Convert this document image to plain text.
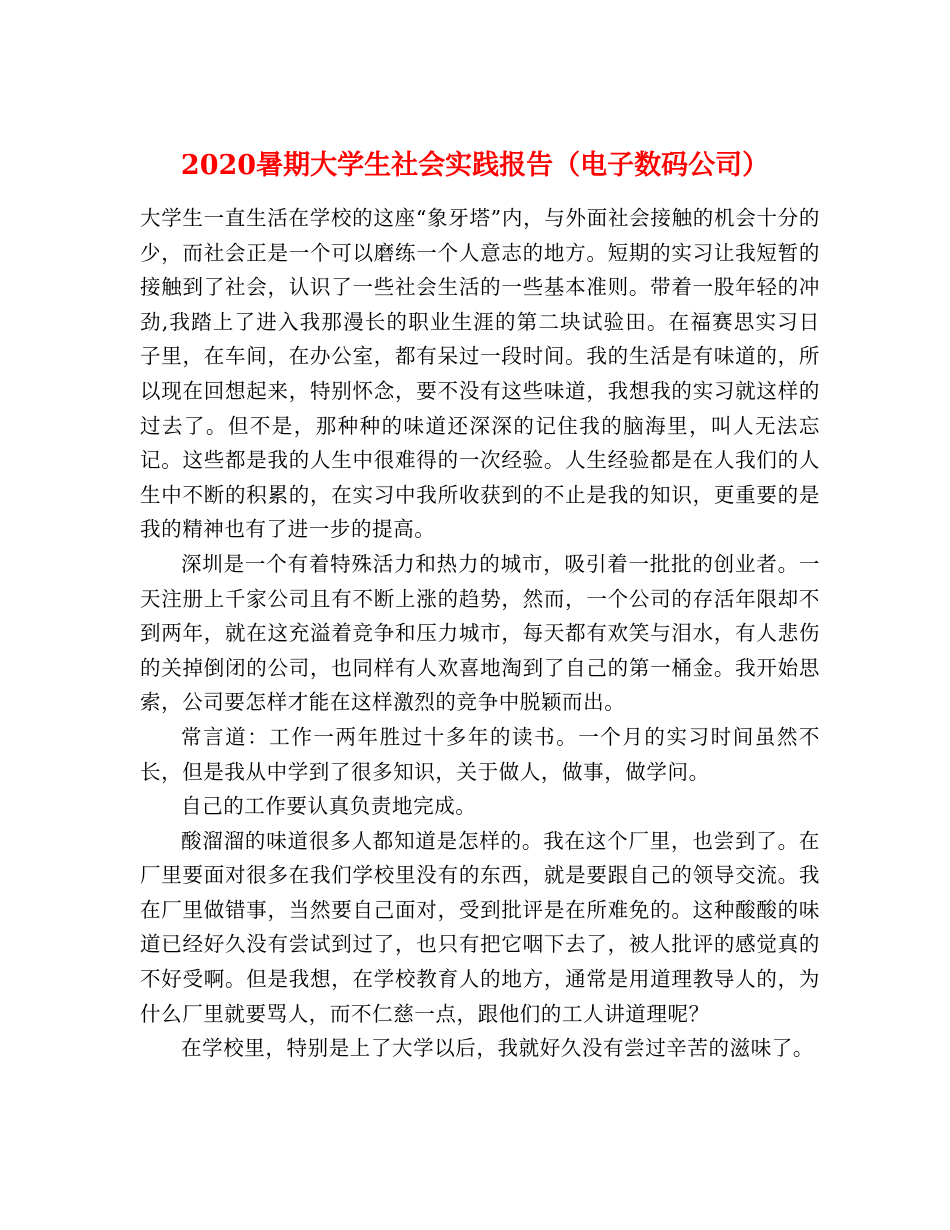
2020暑期大学生社会实践报告（电子数码公司）

大学生一直生活在学校的这座“象牙塔”内，与外面社会接触的机会十分的少，而社会正是一个可以磨练一个人意志的地方。短期的实习让我短暂的接触到了社会，认识了一些社会生活的一些基本准则。带着一股年轻的冲劲,我踏上了进入我那漫长的职业生涯的第二块试验田。在福赛思实习日子里，在车间，在办公室，都有呆过一段时间。我的生活是有味道的，所以现在回想起来，特别怀念，要不没有这些味道，我想我的实习就这样的过去了。但不是，那种种的味道还深深的记住我的脑海里，叫人无法忘记。这些都是我的人生中很难得的一次经验。人生经验都是在人我们的人生中不断的积累的，在实习中我所收获到的不止是我的知识，更重要的是我的精神也有了进一步的提高。

深圳是一个有着特殊活力和热力的城市，吸引着一批批的创业者。一天注册上千家公司且有不断上涨的趋势，然而，一个公司的存活年限却不到两年，就在这充溢着竞争和压力城市，每天都有欢笑与泪水，有人悲伤的关掉倒闭的公司，也同样有人欢喜地淘到了自己的第一桶金。我开始思索，公司要怎样才能在这样激烈的竞争中脱颖而出。

常言道：工作一两年胜过十多年的读书。一个月的实习时间虽然不长，但是我从中学到了很多知识，关于做人，做事，做学问。

自己的工作要认真负责地完成。

酸溜溜的味道很多人都知道是怎样的。我在这个厂里，也尝到了。在厂里要面对很多在我们学校里没有的东西，就是要跟自己的领导交流。我在厂里做错事，当然要自己面对，受到批评是在所难免的。这种酸酸的味道已经好久没有尝试到过了，也只有把它咽下去了，被人批评的感觉真的不好受啊。但是我想，在学校教育人的地方，通常是用道理教导人的，为什么厂里就要骂人，而不仁慈一点，跟他们的工人讲道理呢？

在学校里，特别是上了大学以后，我就好久没有尝过辛苦的滋味了。
